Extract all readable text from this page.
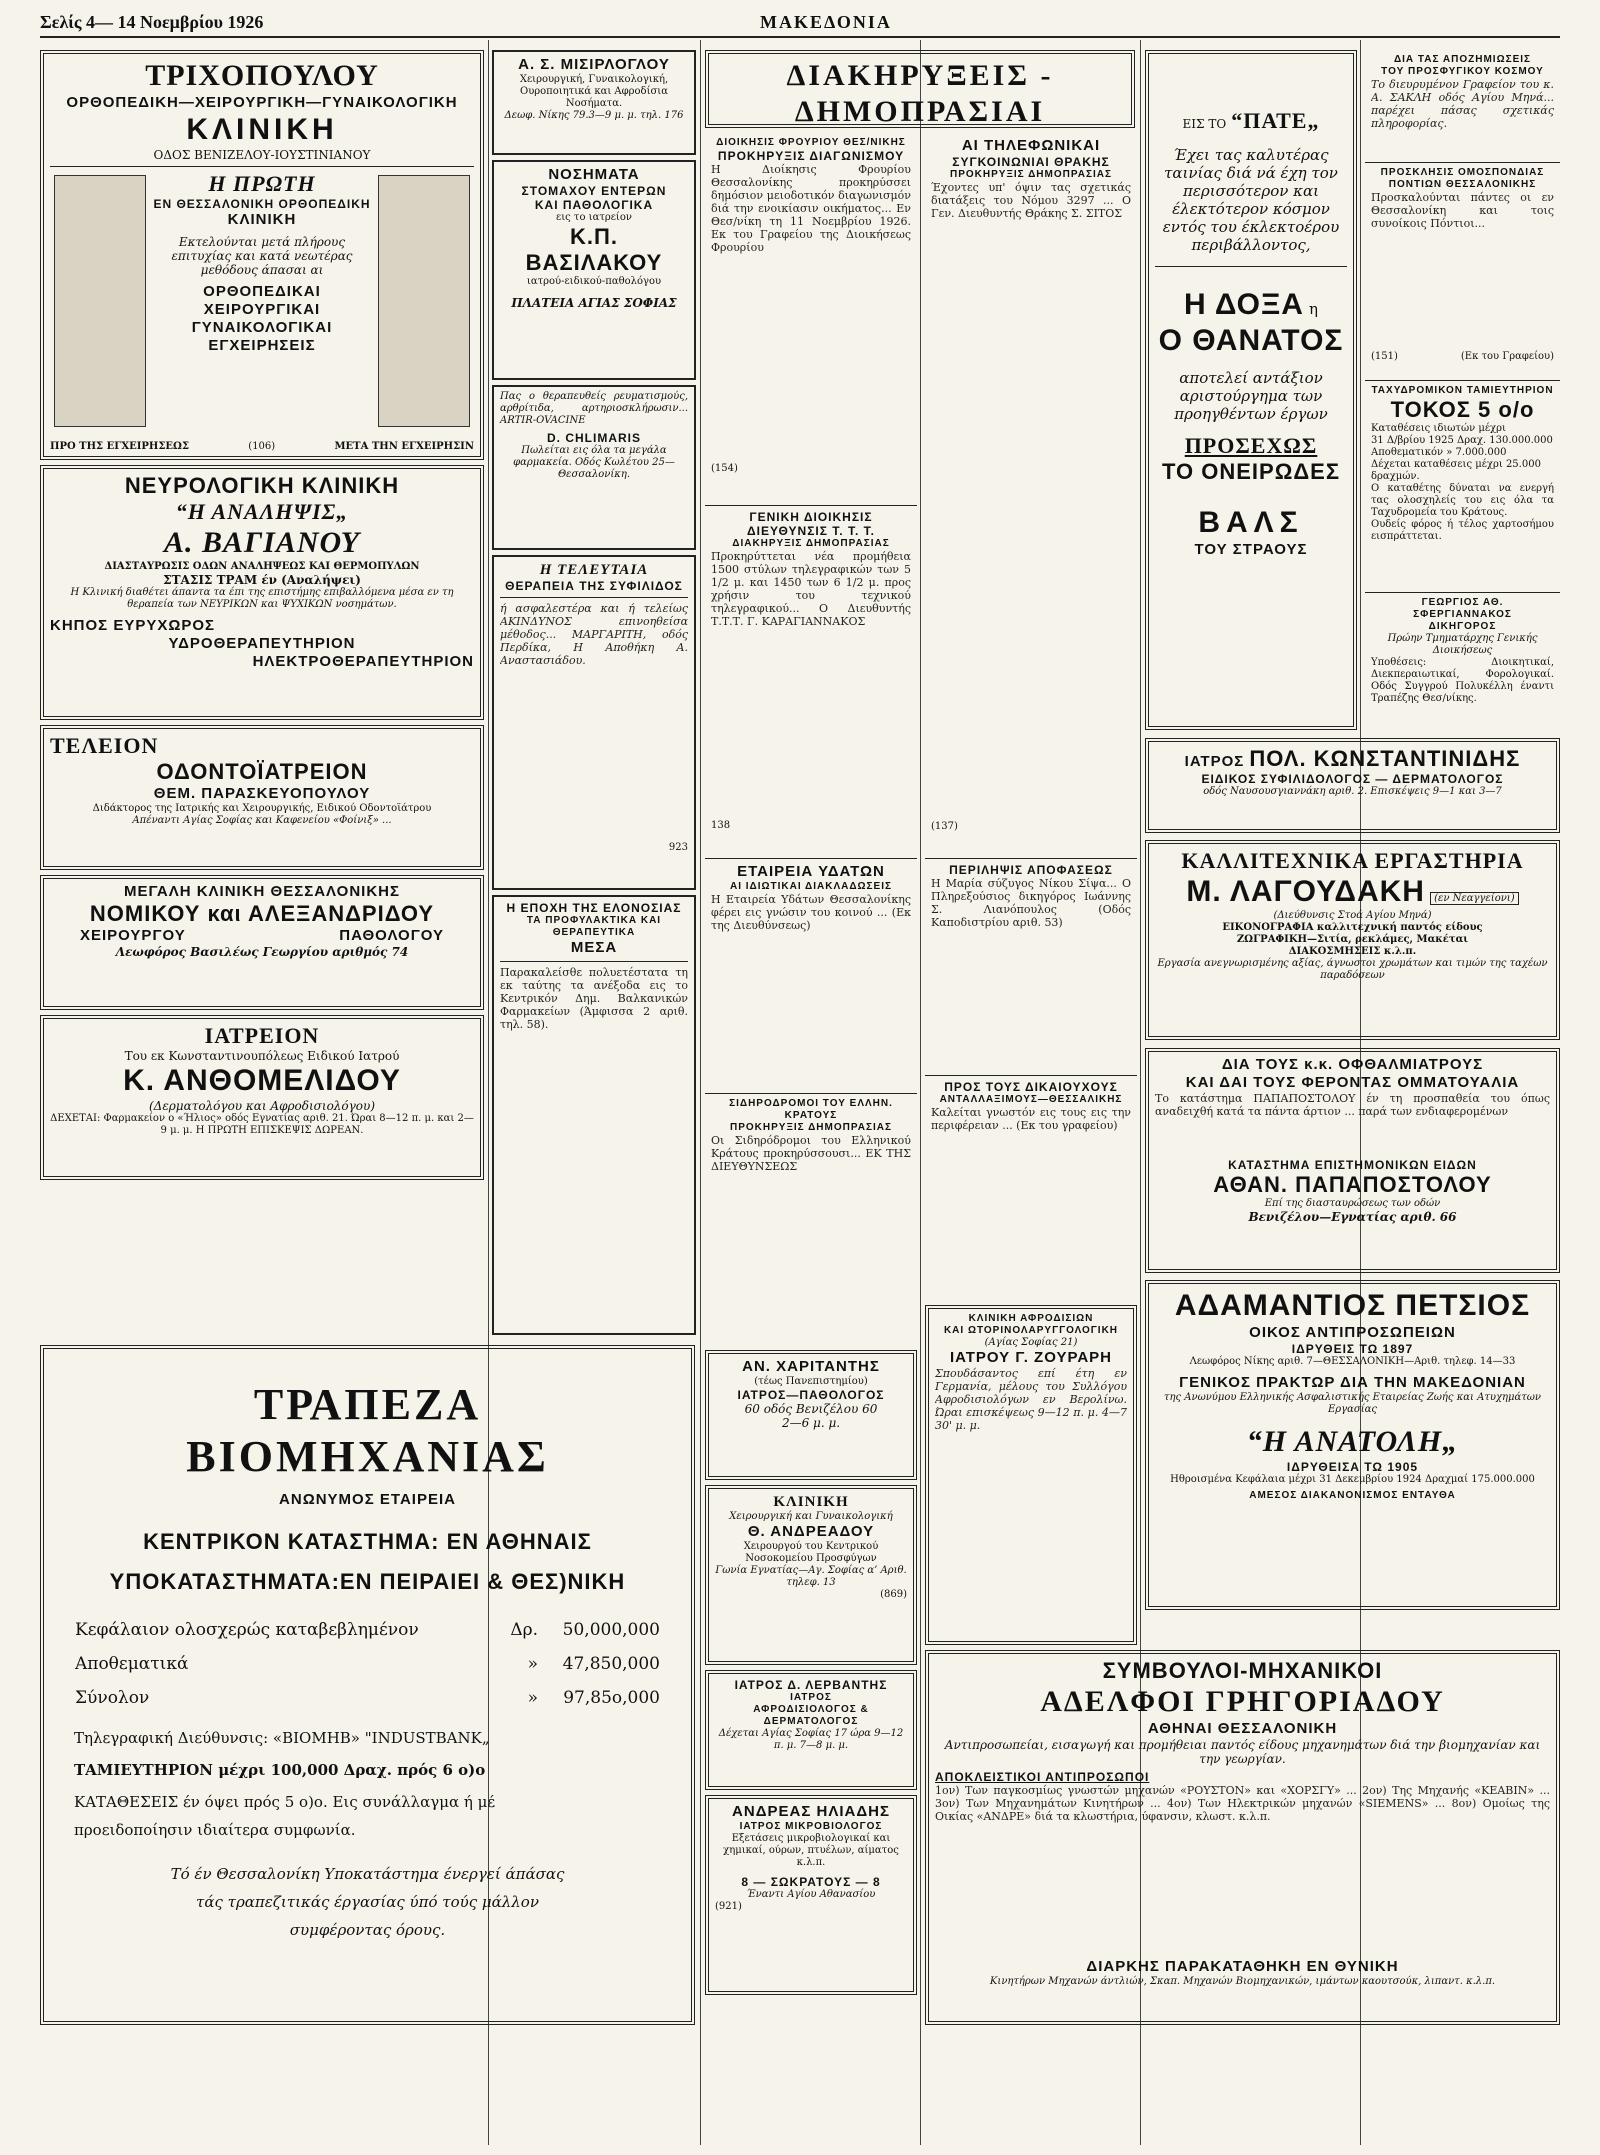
Σελίς 4— 14 Νοεμβρίου 1926	ΜΑΚΕΔΟΝΙΑ
ΤΡΙΧΟΠΟΥΛΟΥ
ΟΡΘΟΠΕΔΙΚΗ—ΧΕΙΡΟΥΡΓΙΚΗ—ΓΥΝΑΙΚΟΛΟΓΙΚΗ
ΚΛΙΝΙΚΗ
ΟΔΟΣ ΒΕΝΙΖΕΛΟΥ-ΙΟΥΣΤΙΝΙΑΝΟΥ
Η ΠΡΩΤΗ
ΕΝ ΘΕΣΣΑΛΟΝΙΚΗ ΟΡΘΟΠΕΔΙΚΗ
ΚΛΙΝΙΚΗ
Εκτελούνται μετά πλήρους επιτυχίας και κατά νεωτέρας μεθόδους άπασαι αι
ΟΡΘΟΠΕΔΙΚΑΙ
ΧΕΙΡΟΥΡΓΙΚΑΙ
ΓΥΝΑΙΚΟΛΟΓΙΚΑΙ
ΕΓΧΕΙΡΗΣΕΙΣ
ΠΡΟ ΤΗΣ ΕΓΧΕΙΡΗΣΕΩΣ	(106)	ΜΕΤΑ ΤΗΝ ΕΓΧΕΙΡΗΣΙΝ
ΝΕΥΡΟΛΟΓΙΚΗ ΚΛΙΝΙΚΗ
“Η ΑΝΑΛΗΨΙΣ„
Α. ΒΑΓΙΑΝΟΥ
ΔΙΑΣΤΑΥΡΩΣΙΣ ΟΔΩΝ ΑΝΑΛΗΨΕΩΣ ΚΑΙ ΘΕΡΜΟΠΥΛΩΝ
ΣΤΑΣΙΣ ΤΡΑΜ έν (Αναλήψει)
Η Κλινική διαθέτει άπαντα τα έπι της επιστήμης επιβαλλόμενα μέσα εν τη θεραπεία των ΝΕΥΡΙΚΩΝ και ΨΥΧΙΚΩΝ νοσημάτων.
ΚΗΠΟΣ ΕΥΡΥΧΩΡΟΣ
ΥΔΡΟΘΕΡΑΠΕΥΤΗΡΙΟΝ
ΗΛΕΚΤΡΟΘΕΡΑΠΕΥΤΗΡΙΟΝ
ΤΕΛΕΙΟΝ
ΟΔΟΝΤΟΪΑΤΡΕΙΟΝ
ΘΕΜ. ΠΑΡΑΣΚΕΥΟΠΟΥΛΟΥ
Διδάκτορος της Ιατρικής και Χειρουργικής, Ειδικού Οδοντοϊάτρου
Απέναντι Αγίας Σοφίας και Καφενείου «Φοίνιξ» ...
ΜΕΓΑΛΗ ΚΛΙΝΙΚΗ ΘΕΣΣΑΛΟΝΙΚΗΣ
ΝΟΜΙΚΟΥ και ΑΛΕΞΑΝΔΡΙΔΟΥ
ΧΕΙΡΟΥΡΓΟΥ	ΠΑΘΟΛΟΓΟΥ
Λεωφόρος Βασιλέως Γεωργίου αριθμός 74
ΙΑΤΡΕΙΟΝ
Του εκ Κωνσταντινουπόλεως Ειδικού Ιατρού
Κ. ΑΝΘΟΜΕΛΙΔΟΥ
(Δερματολόγου και Αφροδισιολόγου)
ΔΕΧΕΤΑΙ: Φαρμακείον ο «Ήλιος» οδός Εγνατίας αριθ. 21. Ώραι 8—12 π. μ. και 2—9 μ. μ. Η ΠΡΩΤΗ ΕΠΙΣΚΕΨΙΣ ΔΩΡΕΑΝ.
Α. Σ. ΜΙΣΙΡΛΟΓΛΟΥ
Χειρουργική, Γυναικολογική, Ουροποιητικά και Αφροδίσια Νοσήματα.
Δεωφ. Νίκης 79.3—9 μ. μ. τηλ. 176
ΝΟΣΗΜΑΤΑ
ΣΤΟΜΑΧΟΥ ΕΝΤΕΡΩΝ
ΚΑΙ ΠΑΘΟΛΟΓΙΚΑ
εις το ιατρείον
Κ.Π. ΒΑΣΙΛΑΚΟΥ
ιατρού-ειδικού-παθολόγου
ΠΛΑΤΕΙΑ ΑΓΙΑΣ ΣΟΦΙΑΣ
Πας ο θεραπευθείς ρευματισμούς, αρθρίτιδα, αρτηριοσκλήρωσιν... ARTIR-OVACINE
D. CHLIMARIS
Πωλείται εις όλα τα μεγάλα φαρμακεία. Οδός Κωλέτου 25—Θεσσαλονίκη.
Η ΤΕΛΕΥΤΑΙΑ
ΘΕΡΑΠΕΙΑ ΤΗΣ ΣΥΦΙΛΙΔΟΣ
ή ασφαλεστέρα και ή τελείως ΑΚΙΝΔΥΝΟΣ επινοηθείσα μέθοδος... ΜΑΡΓΑΡΙΤΗ, οδός Περδίκα, Η Αποθήκη Α. Αναστασιάδου.
923
Η ΕΠΟΧΗ ΤΗΣ ΕΛΟΝΟΣΙΑΣ
ΤΑ ΠΡΟΦΥΛΑΚΤΙΚΑ ΚΑΙ ΘΕΡΑΠΕΥΤΙΚΑ
ΜΕΣΑ
Παρακαλείσθε πολυετέστατα τη εκ ταύτης τα ανέξοδα εις το Κεντρικόν Δημ. Βαλκανικών Φαρμακείων (Άμφισσα 2 αριθ. τηλ. 58).
ΔΙΑΚΗΡΥΞΕΙΣ - ΔΗΜΟΠΡΑΣΙΑΙ
ΔΙΟΙΚΗΣΙΣ ΦΡΟΥΡΙΟΥ ΘΕΣ/ΝΙΚΗΣ
ΠΡΟΚΗΡΥΞΙΣ ΔΙΑΓΩΝΙΣΜΟΥ
Η Διοίκησις Φρουρίου Θεσσαλονίκης προκηρύσσει δημόσιον μειοδοτικόν διαγωνισμόν διά την ενοικίασιν οικήματος... Εν Θεσ/νίκη τη 11 Νοεμβρίου 1926. Εκ του Γραφείου της Διοικήσεως Φρουρίου
(154)
ΓΕΝΙΚΗ ΔΙΟΙΚΗΣΙΣ
ΔΙΕΥΘΥΝΣΙΣ Τ. Τ. Τ.
ΔΙΑΚΗΡΥΞΙΣ ΔΗΜΟΠΡΑΣΙΑΣ
Προκηρύττεται νέα προμήθεια 1500 στύλων τηλεγραφικών των 5 1/2 μ. και 1450 των 6 1/2 μ. προς χρήσιν του τεχνικού τηλεγραφικού... Ο Διευθυντής Τ.Τ.Τ. Γ. ΚΑΡΑΓΙΑΝΝΑΚΟΣ
138
ΕΤΑΙΡΕΙΑ ΥΔΑΤΩΝ
ΑΙ ΙΔΙΩΤΙΚΑΙ ΔΙΑΚΛΑΔΩΣΕΙΣ
Η Εταιρεία Υδάτων Θεσσαλονίκης φέρει εις γνώσιν του κοινού ... (Εκ της Διευθύνσεως)
ΣΙΔΗΡΟΔΡΟΜΟΙ ΤΟΥ ΕΛΛΗΝ. ΚΡΑΤΟΥΣ
ΠΡΟΚΗΡΥΞΙΣ ΔΗΜΟΠΡΑΣΙΑΣ
Οι Σιδηρόδρομοι του Ελληνικού Κράτους προκηρύσσουσι... EK ΤΗΣ ΔΙΕΥΘΥΝΣΕΩΣ
ΑΝ. ΧΑΡΙΤΑΝΤΗΣ
(τέως Πανεπιστημίου)
ΙΑΤΡΟΣ—ΠΑΘΟΛΟΓΟΣ
60 οδός Βενιζέλου 60
2—6 μ. μ.
ΚΛΙΝΙΚΗ
Χειρουργική και Γυναικολογική
Θ. ΑΝΔΡΕΑΔΟΥ
Χειρουργού του Κεντρικού Νοσοκομείου Προσφύγων
Γωνία Εγνατίας—Αγ. Σοφίας α’ Αριθ. τηλεφ. 13
(869)
ΙΑΤΡΟΣ Δ. ΛΕΡΒΑΝΤΗΣ
ΙΑΤΡΟΣ
ΑΦΡΟΔΙΣΙΟΛΟΓΟΣ & ΔΕΡΜΑΤΟΛΟΓΟΣ
Δέχεται Αγίας Σοφίας 17 ώρα 9—12 π. μ. 7—8 μ. μ.
ΑΝΔΡΕΑΣ ΗΛΙΑΔΗΣ
ΙΑΤΡΟΣ ΜΙΚΡΟΒΙΟΛΟΓΟΣ
Εξετάσεις μικροβιολογικαί και χημικαί, ούρων, πτυέλων, αίματος κ.λ.π.
8 — ΣΩΚΡΑΤΟΥΣ — 8
Έναντι Αγίου Αθανασίου
(921)
ΑΙ ΤΗΛΕΦΩΝΙΚΑΙ
ΣΥΓΚΟΙΝΩΝΙΑΙ ΘΡΑΚΗΣ
ΠΡΟΚΗΡΥΞΙΣ ΔΗΜΟΠΡΑΣΙΑΣ
Έχοντες υπ' όψιν τας σχετικάς διατάξεις του Νόμου 3297 ... Ο Γεν. Διευθυντής Θράκης Σ. ΣΙΤΟΣ
(137)
ΠΕΡΙΛΗΨΙΣ ΑΠΟΦΑΣΕΩΣ
Η Μαρία σύζυγος Νίκου Σίψα... Ο Πληρεξούσιος δικηγόρος Ιωάννης Σ. Λιανόπουλος (Οδός Καποδιστρίου αριθ. 53)
ΠΡΟΣ ΤΟΥΣ ΔΙΚΑΙΟΥΧΟΥΣ
ΑΝΤΑΛΛΑΞΙΜΟΥΣ—ΘΕΣΣΑΛΙΚΗΣ
Καλείται γνωστόν εις τους εις την περιφέρειαν ... (Εκ του γραφείου)
ΚΛΙΝΙΚΗ ΑΦΡΟΔΙΣΙΩΝ
ΚΑΙ ΩΤΟΡΙΝΟΛΑΡΥΓΓΟΛΟΓΙΚΗ
(Αγίας Σοφίας 21)
ΙΑΤΡΟΥ Γ. ΖΟΥΡΑΡΗ
Σπουδάσαντος επί έτη εν Γερμανία, μέλους του Συλλόγου Αφροδισιολόγων εν Βερολίνω. Ώραι επισκέψεως 9—12 π. μ. 4—7 30' μ. μ.
ΕΙΣ ΤΟ “ΠΑΤΕ„
Έχει τας καλυτέρας ταινίας διά νά έχη τον περισσότερον και έλεκτότερον κόσμον εντός του έκλεκτοέρου περιβάλλοντος,
Η ΔΟΞΑ η
Ο ΘΑΝΑΤΟΣ
αποτελεί αντάξιον αριστούργημα των προηγθέντων έργων
ΠΡΟΣΕΧΩΣ
ΤΟ ΟΝΕΙΡΩΔΕΣ
ΒΑΛΣ
ΤΟΥ ΣΤΡΑΟΥΣ
ΙΑΤΡΟΣ ΠΟΛ. ΚΩΝΣΤΑΝΤΙΝΙΔΗΣ
ΕΙΔΙΚΟΣ ΣΥΦΙΛΙΔΟΛΟΓΟΣ — ΔΕΡΜΑΤΟΛΟΓΟΣ
οδός Ναυσουσγιαννάκη αριθ. 2. Επισκέψεις 9—1 και 3—7
ΚΑΛΛΙΤΕΧΝΙΚΑ ΕΡΓΑΣΤΗΡΙΑ
Μ. ΛΑΓΟΥΔΑΚΗ (εν Νεαγγείονι)
(Διεύθυνσις Στοά Αγίου Μηνά)
ΕΙΚΟΝΟΓΡΑΦΙΑ καλλιτεχνική παντός είδους
ΖΩΓΡΑΦΙΚΗ—Σιτία, ρεκλάμες, Μακέται
ΔΙΑΚΟΣΜΗΣΕΙΣ κ.λ.π.
Εργασία ανεγνωρισμένης αξίας, άγνωστοι χρωμάτων και τιμών της ταχέων παραδόσεων
ΔΙΑ ΤΟΥΣ κ.κ. ΟΦΘΑΛΜΙΑΤΡΟΥΣ
ΚΑΙ ΔΑΙ ΤΟΥΣ ΦΕΡΟΝΤΑΣ ΟΜΜΑΤΟΥΑΛΙΑ
Το κατάστημα ΠΑΠΑΠΟΣΤΟΛΟΥ έν τη προσπαθεία του όπως αναδειχθή κατά τα πάντα άρτιον ... παρά των ενδιαφερομένων
ΚΑΤΑΣΤΗΜΑ ΕΠΙΣΤΗΜΟΝΙΚΩΝ ΕΙΔΩΝ
ΑΘΑΝ. ΠΑΠΑΠΟΣΤΟΛΟΥ
Επί της διασταυρώσεως των οδών
Βενιζέλου—Εγνατίας αριθ. 66
ΔΙΑ ΤΑΣ ΑΠΟΖΗΜΙΩΣΕΙΣ
ΤΟΥ ΠΡΟΣΦΥΓΙΚΟΥ ΚΟΣΜΟΥ
Το διευρυμένον Γραφείον του κ. Α. ΣΑΚΛΗ οδός Αγίου Μηνά... παρέχει πάσας σχετικάς πληροφορίας.
ΠΡΟΣΚΛΗΣΙΣ ΟΜΟΣΠΟΝΔΙΑΣ
ΠΟΝΤΙΩΝ ΘΕΣΣΑΛΟΝΙΚΗΣ
Προσκαλούνται πάντες οι εν Θεσσαλονίκη και τοις συνοίκοις Πόντιοι...
(151)	(Εκ του Γραφείου)
ΤΑΧΥΔΡΟΜΙΚΟΝ ΤΑΜΙΕΥΤΗΡΙΟΝ
ΤΟΚΟΣ 5 ο/ο
Καταθέσεις ιδιωτών μέχρι
31 Δ/βρίου 1925 Δραχ. 130.000.000
Αποθεματικόν » 7.000.000
Δέχεται καταθέσεις μέχρι 25.000 δραχμών.
Ο καταθέτης δύναται να ενεργή τας ολοσχηλείς του εις όλα τα Ταχυδρομεία του Κράτους.
Ουδείς φόρος ή τέλος χαρτοσήμου εισπράττεται.
ΓΕΩΡΓΙΟΣ ΑΘ. ΣΦΕΡΓΙΑΝΝΑΚΟΣ
ΔΙΚΗΓΟΡΟΣ
Πρώην Τμηματάρχης Γενικής Διοικήσεως
Υποθέσεις: Διοικητικαί, Διεκπεραιωτικαί, Φορολογικαί. Οδός Συγγρού Πολυκέλλη έναντι Τραπέζης Θεσ/νίκης.
ΤΡΑΠΕΖΑ ΒΙΟΜΗΧΑΝΙΑΣ
ΑΝΩΝΥΜΟΣ ΕΤΑΙΡΕΙΑ
ΚΕΝΤΡΙΚΟΝ ΚΑΤΑΣΤΗΜΑ: ΕΝ ΑΘΗΝΑΙΣ
ΥΠΟΚΑΤΑΣΤΗΜΑΤΑ:ΕΝ ΠΕΙΡΑΙΕΙ & ΘΕΣ)ΝΙΚΗ
Κεφάλαιον ολοσχερώς καταβεβλημένον	Δρ.	50,000,000
Αποθεματικά	»	47,850,000
Σύνολον	»	97,85ο,000
Τηλεγραφική Διεύθυνσις: «ΒΙΟΜΗΒ» "INDUSTBANK„
ΤΑΜΙΕΥΤΗΡΙΟΝ μέχρι 100,000 Δραχ. πρός 6 ο)ο
ΚΑΤΑΘΕΣΕΙΣ έν όψει πρός 5 ο)ο. Εις συνάλλαγμα ή μέ
προειδοποίησιν ιδιαίτερα συμφωνία.
Τό έν Θεσσαλονίκη Υποκατάστημα ένεργεί άπάσας
τάς τραπεζιτικάς έργασίας ύπό τούς μάλλον
συμφέροντας όρους.
ΑΔΑΜΑΝΤΙΟΣ ΠΕΤΣΙΟΣ
ΟΙΚΟΣ ΑΝΤΙΠΡΟΣΩΠΕΙΩΝ
ΙΔΡΥΘΕΙΣ ΤΩ 1897
Λεωφόρος Νίκης αριθ. 7—ΘΕΣΣΑΛΟΝΙΚΗ—Αριθ. τηλεφ. 14—33
ΓΕΝΙΚΟΣ ΠΡΑΚΤΩΡ ΔΙΑ ΤΗΝ ΜΑΚΕΔΟΝΙΑΝ
της Ανωνύμου Ελληνικής Ασφαλιστικής Εταιρείας Ζωής και Ατυχημάτων Εργασίας
“Η ΑΝΑΤΟΛΗ„
ΙΔΡΥΘΕΙΣΑ ΤΩ 1905
Ηθροισμένα Κεφάλαια μέχρι 31 Δεκεμβρίου 1924 Δραχμαί 175.000.000
ΑΜΕΣΟΣ ΔΙΑΚΑΝΟΝΙΣΜΟΣ ΕΝΤΑΥΘΑ
ΣΥΜΒΟΥΛΟΙ-ΜΗΧΑΝΙΚΟΙ
ΑΔΕΛΦΟΙ ΓΡΗΓΟΡΙΑΔΟΥ
ΑΘΗΝΑΙ ΘΕΣΣΑΛΟΝΙΚΗ
Αντιπροσωπείαι, εισαγωγή και προμήθειαι παντός είδους μηχανημάτων διά την βιομηχανίαν και την γεωργίαν.
ΑΠΟΚΛΕΙΣΤΙΚΟΙ ΑΝΤΙΠΡΟΣΩΠΟΙ
1ον) Των παγκοσμίως γνωστών μηχανών «ΡΟΥΣΤΟΝ» και «ΧΟΡΣΓΥ» ... 2ον) Της Μηχανής «ΚΕΑΒΙΝ» ... 3ον) Των Μηχανημάτων Κινητήρων ... 4ον) Των Ηλεκτρικών μηχανών «SIEMENS» ... 8ον) Ομοίως της Οικίας «ΑΝΔΡΕ» διά τα κλωστήρια, ύφανσιν, κλωστ. κ.λ.π.
ΔΙΑΡΚΗΣ ΠΑΡΑΚΑΤΑΘΗΚΗ ΕΝ ΘΥΝΙΚΗ
Κινητήρων Μηχανών άντλιών, Σκαπ. Μηχανών Βιομηχανικών, ιμάντων καουτσούκ, λιπαντ. κ.λ.π.
